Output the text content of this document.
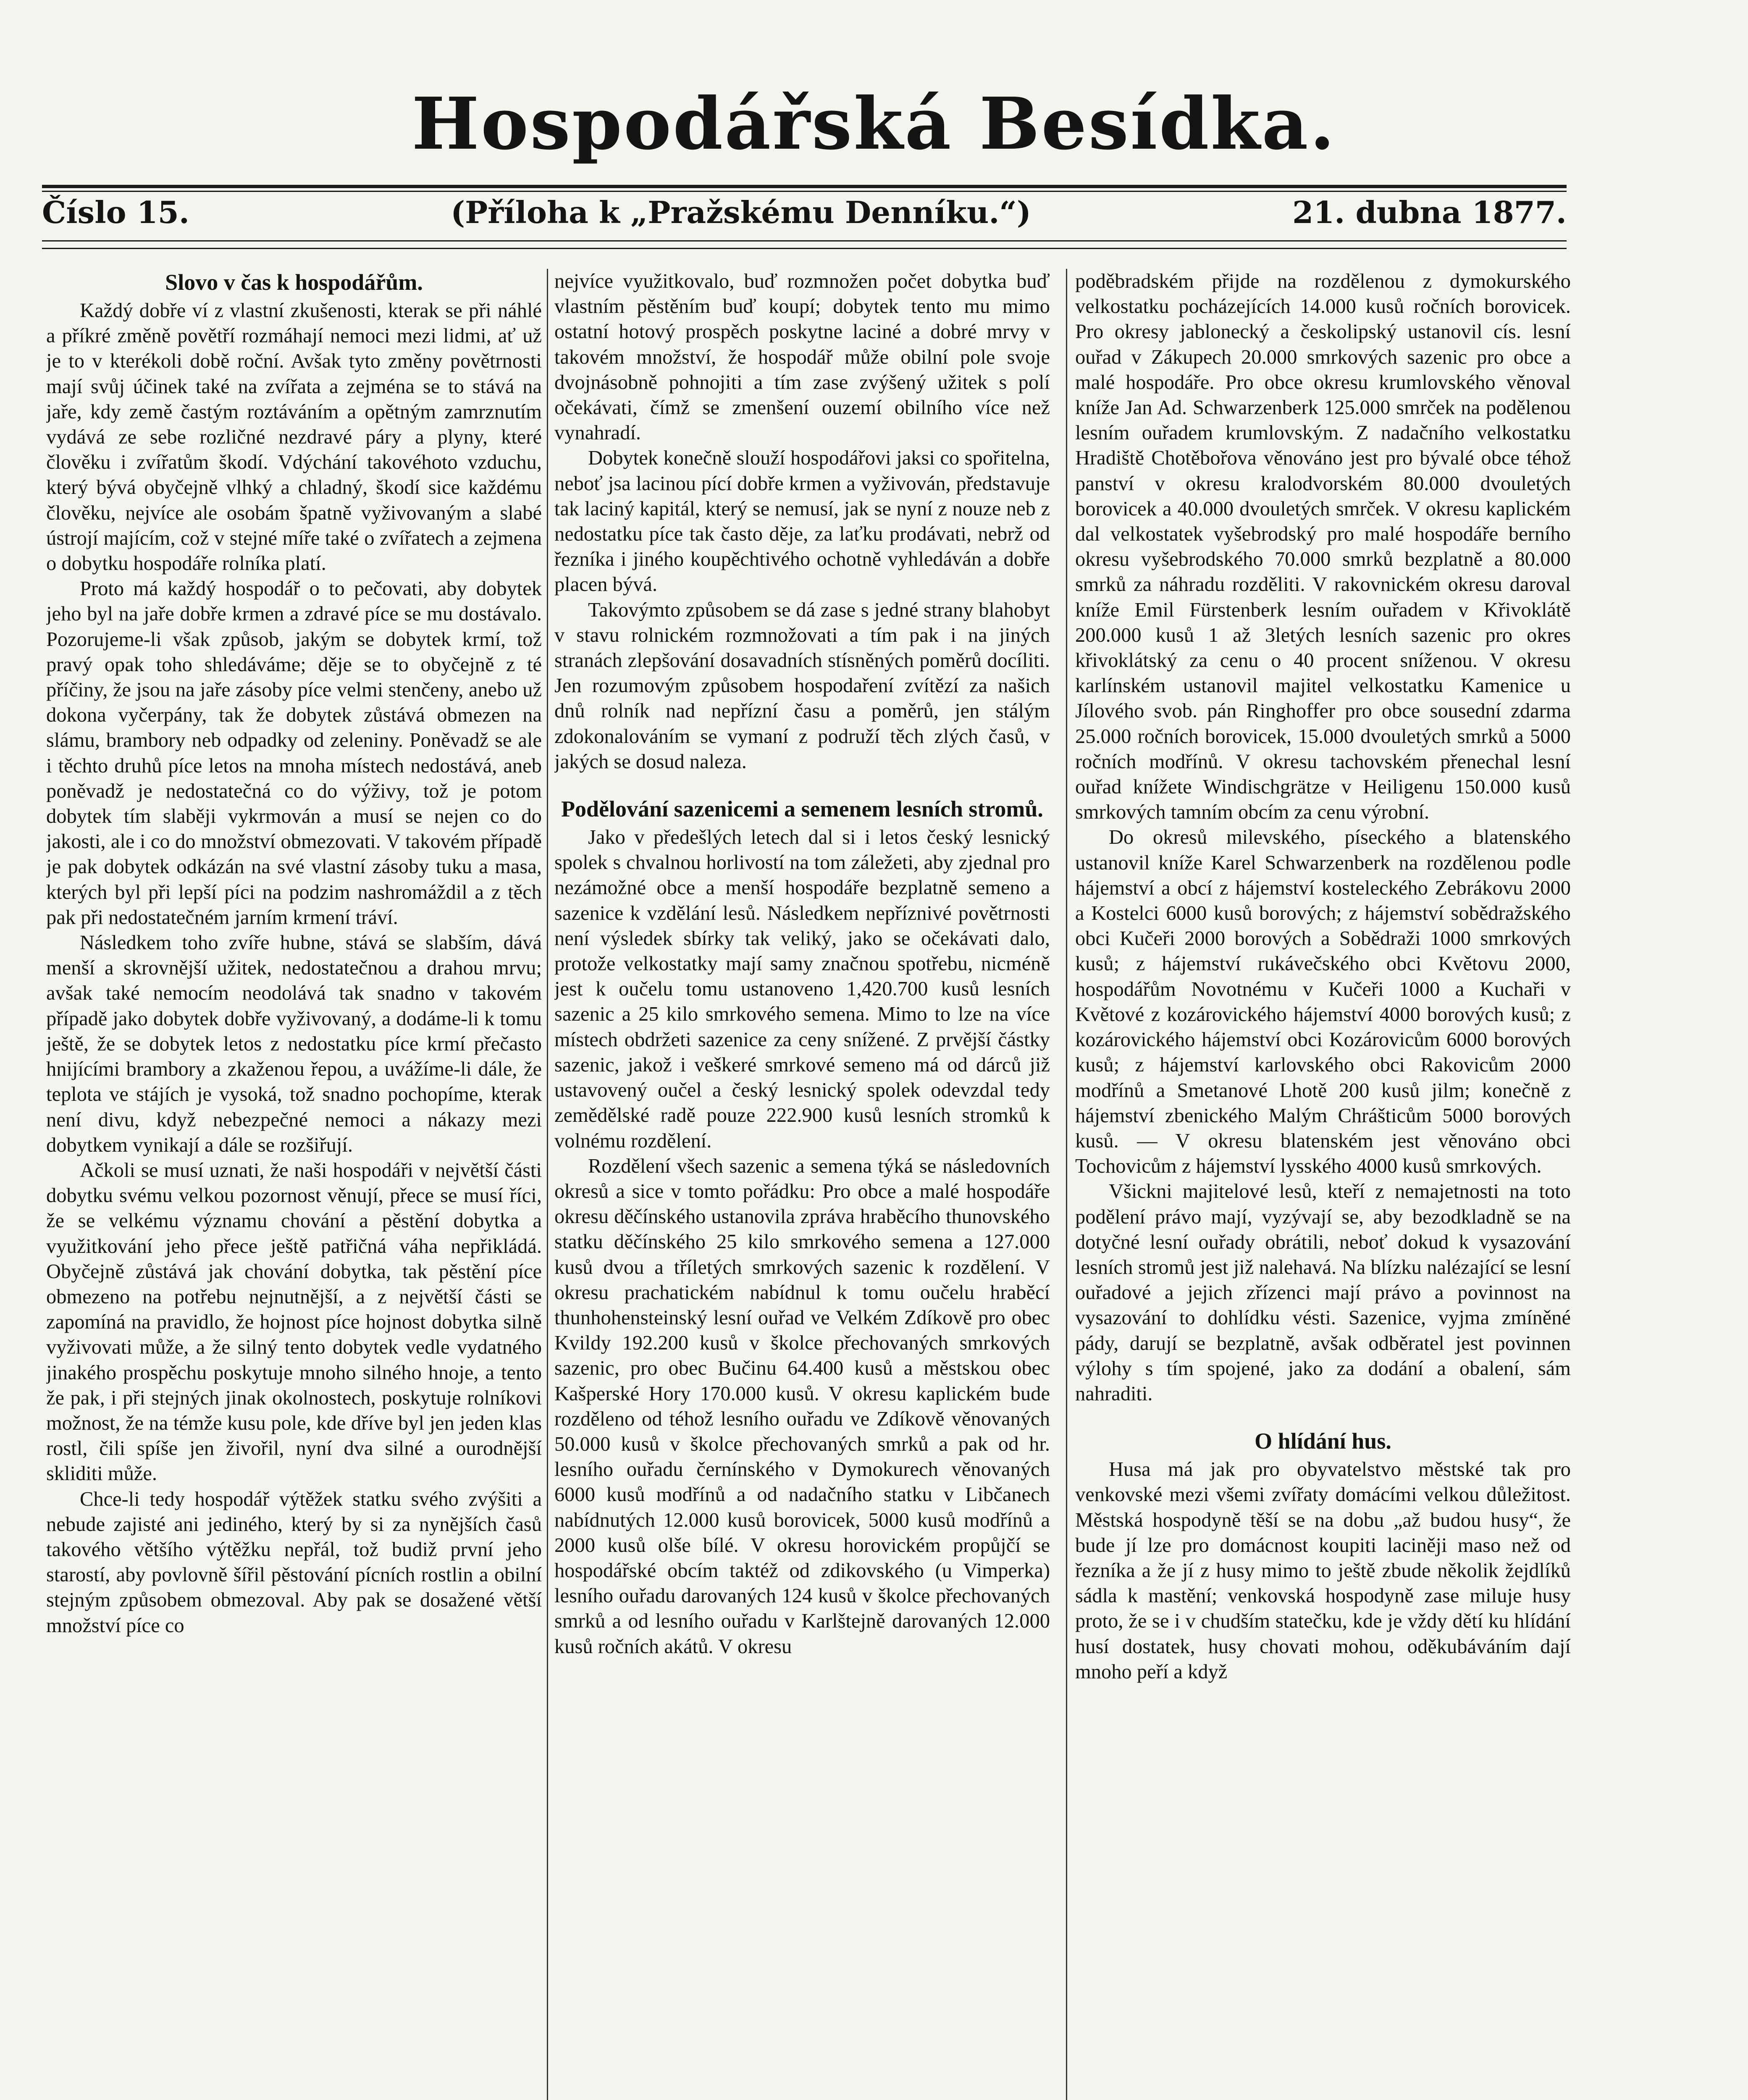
Hospodářská Besídka.
Číslo 15.	(Příloha k „Pražskému Denníku.“)	21. dubna 1877.
Slovo v čas k hospodářům.

Každý dobře ví z vlastní zkušenosti, kterak se při náhlé a příkré změně povětří rozmáhají nemoci mezi lidmi, ať už je to v kterékoli době roční. Avšak tyto změny povětrnosti mají svůj účinek také na zvířata a zejména se to stává na jaře, kdy země častým roztáváním a opětným zamrznutím vydává ze sebe rozličné nezdravé páry a plyny, které člověku i zvířatům škodí. Vdýchání takovéhoto vzduchu, který bývá obyčejně vlhký a chladný, škodí sice každému člověku, nejvíce ale osobám špatně vyživovaným a slabé ústrojí majícím, což v stejné míře také o zvířatech a zejmena o dobytku hospodáře rolníka platí.

Proto má každý hospodář o to pečovati, aby dobytek jeho byl na jaře dobře krmen a zdravé píce se mu dostávalo. Pozorujeme-li však způsob, jakým se dobytek krmí, tož pravý opak toho shledáváme; děje se to obyčejně z té příčiny, že jsou na jaře zásoby píce velmi stenčeny, anebo už dokona vyčerpány, tak že dobytek zůstává obmezen na slámu, brambory neb odpadky od zeleniny. Poněvadž se ale i těchto druhů píce letos na mnoha místech nedostává, aneb poněvadž je nedostatečná co do výživy, tož je potom dobytek tím slaběji vykrmován a musí se nejen co do jakosti, ale i co do množství obmezovati. V takovém případě je pak dobytek odkázán na své vlastní zásoby tuku a masa, kterých byl při lepší píci na podzim nashromáždil a z těch pak při nedostatečném jarním krmení tráví.

Následkem toho zvíře hubne, stává se slabším, dává menší a skrovnější užitek, nedostatečnou a drahou mrvu; avšak také nemocím neodolává tak snadno v takovém případě jako dobytek dobře vyživovaný, a dodáme-li k tomu ještě, že se dobytek letos z nedostatku píce krmí přečasto hnijícími brambory a zkaženou řepou, a uvážíme-li dále, že teplota ve stájích je vysoká, tož snadno pochopíme, kterak není divu, když nebezpečné nemoci a nákazy mezi dobytkem vynikají a dále se rozšiřují.

Ačkoli se musí uznati, že naši hospodáři v největší části dobytku svému velkou pozornost věnují, přece se musí říci, že se velkému významu chování a pěstění dobytka a využitkování jeho přece ještě patřičná váha nepřikládá. Obyčejně zůstává jak chování dobytka, tak pěstění píce obmezeno na potřebu nejnutnější, a z největší části se zapomíná na pravidlo, že hojnost píce hojnost dobytka silně vyživovati může, a že silný tento dobytek vedle vydatného jinakého prospěchu poskytuje mnoho silného hnoje, a tento že pak, i při stejných jinak okolnostech, poskytuje rolníkovi možnost, že na témže kusu pole, kde dříve byl jen jeden klas rostl, čili spíše jen živořil, nyní dva silné a ourodnější skliditi může.

Chce-li tedy hospodář výtěžek statku svého zvýšiti a nebude zajisté ani jediného, který by si za nynějších časů takového většího výtěžku nepřál, tož budiž první jeho starostí, aby povlovně šířil pěstování pícních rostlin a obilní stejným způsobem obmezoval. Aby pak se dosažené větší množství píce co

nejvíce využitkovalo, buď rozmnožen počet dobytka buď vlastním pěstěním buď koupí; dobytek tento mu mimo ostatní hotový prospěch poskytne laciné a dobré mrvy v takovém množství, že hospodář může obilní pole svoje dvojnásobně pohnojiti a tím zase zvýšený užitek s polí očekávati, čímž se zmenšení ouzemí obilního více než vynahradí.

Dobytek konečně slouží hospodářovi jaksi co spořitelna, neboť jsa lacinou pící dobře krmen a vyživován, představuje tak laciný kapitál, který se nemusí, jak se nyní z nouze neb z nedostatku píce tak často děje, za laťku prodávati, nebrž od řezníka i jiného koupěchtivého ochotně vyhledáván a dobře placen bývá.

Takovýmto způsobem se dá zase s jedné strany blahobyt v stavu rolnickém rozmnožovati a tím pak i na jiných stranách zlepšování dosavadních stísněných poměrů docíliti. Jen rozumovým způsobem hospodaření zvítězí za našich dnů rolník nad nepřízní času a poměrů, jen stálým zdokonalováním se vymaní z podruží těch zlých časů, v jakých se dosud naleza.

Podělování sazenicemi a semenem lesních stromů.

Jako v předešlých letech dal si i letos český lesnický spolek s chvalnou horlivostí na tom záležeti, aby zjednal pro nezámožné obce a menší hospodáře bezplatně semeno a sazenice k vzdělání lesů. Následkem nepříznivé povětrnosti není výsledek sbírky tak veliký, jako se očekávati dalo, protože velkostatky mají samy značnou spotřebu, nicméně jest k oučelu tomu ustanoveno 1,420.700 kusů lesních sazenic a 25 kilo smrkového semena. Mimo to lze na více místech obdržeti sazenice za ceny snížené. Z prvější částky sazenic, jakož i veškeré smrkové semeno má od dárců již ustavovený oučel a český lesnický spolek odevzdal tedy zemědělské radě pouze 222.900 kusů lesních stromků k volnému rozdělení.

Rozdělení všech sazenic a semena týká se následovních okresů a sice v tomto pořádku: Pro obce a malé hospodáře okresu děčínského ustanovila zpráva hraběcího thunovského statku děčínského 25 kilo smrkového semena a 127.000 kusů dvou a tříletých smrkových sazenic k rozdělení. V okresu prachatickém nabídnul k tomu oučelu hraběcí thunhohensteinský lesní ouřad ve Velkém Zdíkově pro obec Kvildy 192.200 kusů v školce přechovaných smrkových sazenic, pro obec Bučinu 64.400 kusů a městskou obec Kašperské Hory 170.000 kusů. V okresu kaplickém bude rozděleno od téhož lesního ouřadu ve Zdíkově věnovaných 50.000 kusů v školce přechovaných smrků a pak od hr. lesního ouřadu černínského v Dymokurech věnovaných 6000 kusů modřínů a od nadačního statku v Libčanech nabídnutých 12.000 kusů borovicek, 5000 kusů modřínů a 2000 kusů olše bílé. V okresu horovickém propůjčí se hospodářské obcím taktéž od zdikovského (u Vimperka) lesního ouřadu darovaných 124 kusů v školce přechovaných smrků a od lesního ouřadu v Karlštejně darovaných 12.000 kusů ročních akátů. V okresu

poděbradském přijde na rozdělenou z dymokurského velkostatku pocházejících 14.000 kusů ročních borovicek. Pro okresy jablonecký a českolipský ustanovil cís. lesní ouřad v Zákupech 20.000 smrkových sazenic pro obce a malé hospodáře. Pro obce okresu krumlovského věnoval kníže Jan Ad. Schwarzenberk 125.000 smrček na podělenou lesním ouřadem krumlovským. Z nadačního velkostatku Hradiště Chotěbořova věnováno jest pro bývalé obce téhož panství v okresu kralodvorském 80.000 dvouletých borovicek a 40.000 dvouletých smrček. V okresu kaplickém dal velkostatek vyšebrodský pro malé hospodáře berního okresu vyšebrodského 70.000 smrků bezplatně a 80.000 smrků za náhradu rozděliti. V rakovnickém okresu daroval kníže Emil Fürstenberk lesním ouřadem v Křivoklátě 200.000 kusů 1 až 3letých lesních sazenic pro okres křivoklátský za cenu o 40 procent sníženou. V okresu karlínském ustanovil majitel velkostatku Kamenice u Jílového svob. pán Ringhoffer pro obce sousední zdarma 25.000 ročních borovicek, 15.000 dvouletých smrků a 5000 ročních modřínů. V okresu tachovském přenechal lesní ouřad knížete Windischgrätze v Heiligenu 150.000 kusů smrkových tamním obcím za cenu výrobní.

Do okresů milevského, píseckého a blatenského ustanovil kníže Karel Schwarzenberk na rozdělenou podle hájemství a obcí z hájemství kosteleckého Zebrákovu 2000 a Kostelci 6000 kusů borových; z hájemství sobědražského obci Kučeři 2000 borových a Sobědraži 1000 smrkových kusů; z hájemství rukávečského obci Květovu 2000, hospodářům Novotnému v Kučeři 1000 a Kuchaři v Květové z kozárovického hájemství 4000 borových kusů; z kozárovického hájemství obci Kozárovicům 6000 borových kusů; z hájemství karlovského obci Rakovicům 2000 modřínů a Smetanové Lhotě 200 kusů jilm; konečně z hájemství zbenického Malým Chrášticům 5000 borových kusů. — V okresu blatenském jest věnováno obci Tochovicům z hájemství lysského 4000 kusů smrkových.

Všickni majitelové lesů, kteří z nemajetnosti na toto podělení právo mají, vyzývají se, aby bezodkladně se na dotyčné lesní ouřady obrátili, neboť dokud k vysazování lesních stromů jest již nalehavá. Na blízku nalézající se lesní ouřadové a jejich zřízenci mají právo a povinnost na vysazování to dohlídku vésti. Sazenice, vyjma zmíněné pády, darují se bezplatně, avšak odběratel jest povinnen výlohy s tím spojené, jako za dodání a obalení, sám nahraditi.

O hlídání hus.

Husa má jak pro obyvatelstvo městské tak pro venkovské mezi všemi zvířaty domácími velkou důležitost. Městská hospodyně těší se na dobu „až budou husy“, že bude jí lze pro domácnost koupiti laciněji maso než od řezníka a že jí z husy mimo to ještě zbude několik žejdlíků sádla k mastění; venkovská hospodyně zase miluje husy proto, že se i v chudším statečku, kde je vždy dětí ku hlídání husí dostatek, husy chovati mohou, oděkubáváním dají mnoho peří a když
